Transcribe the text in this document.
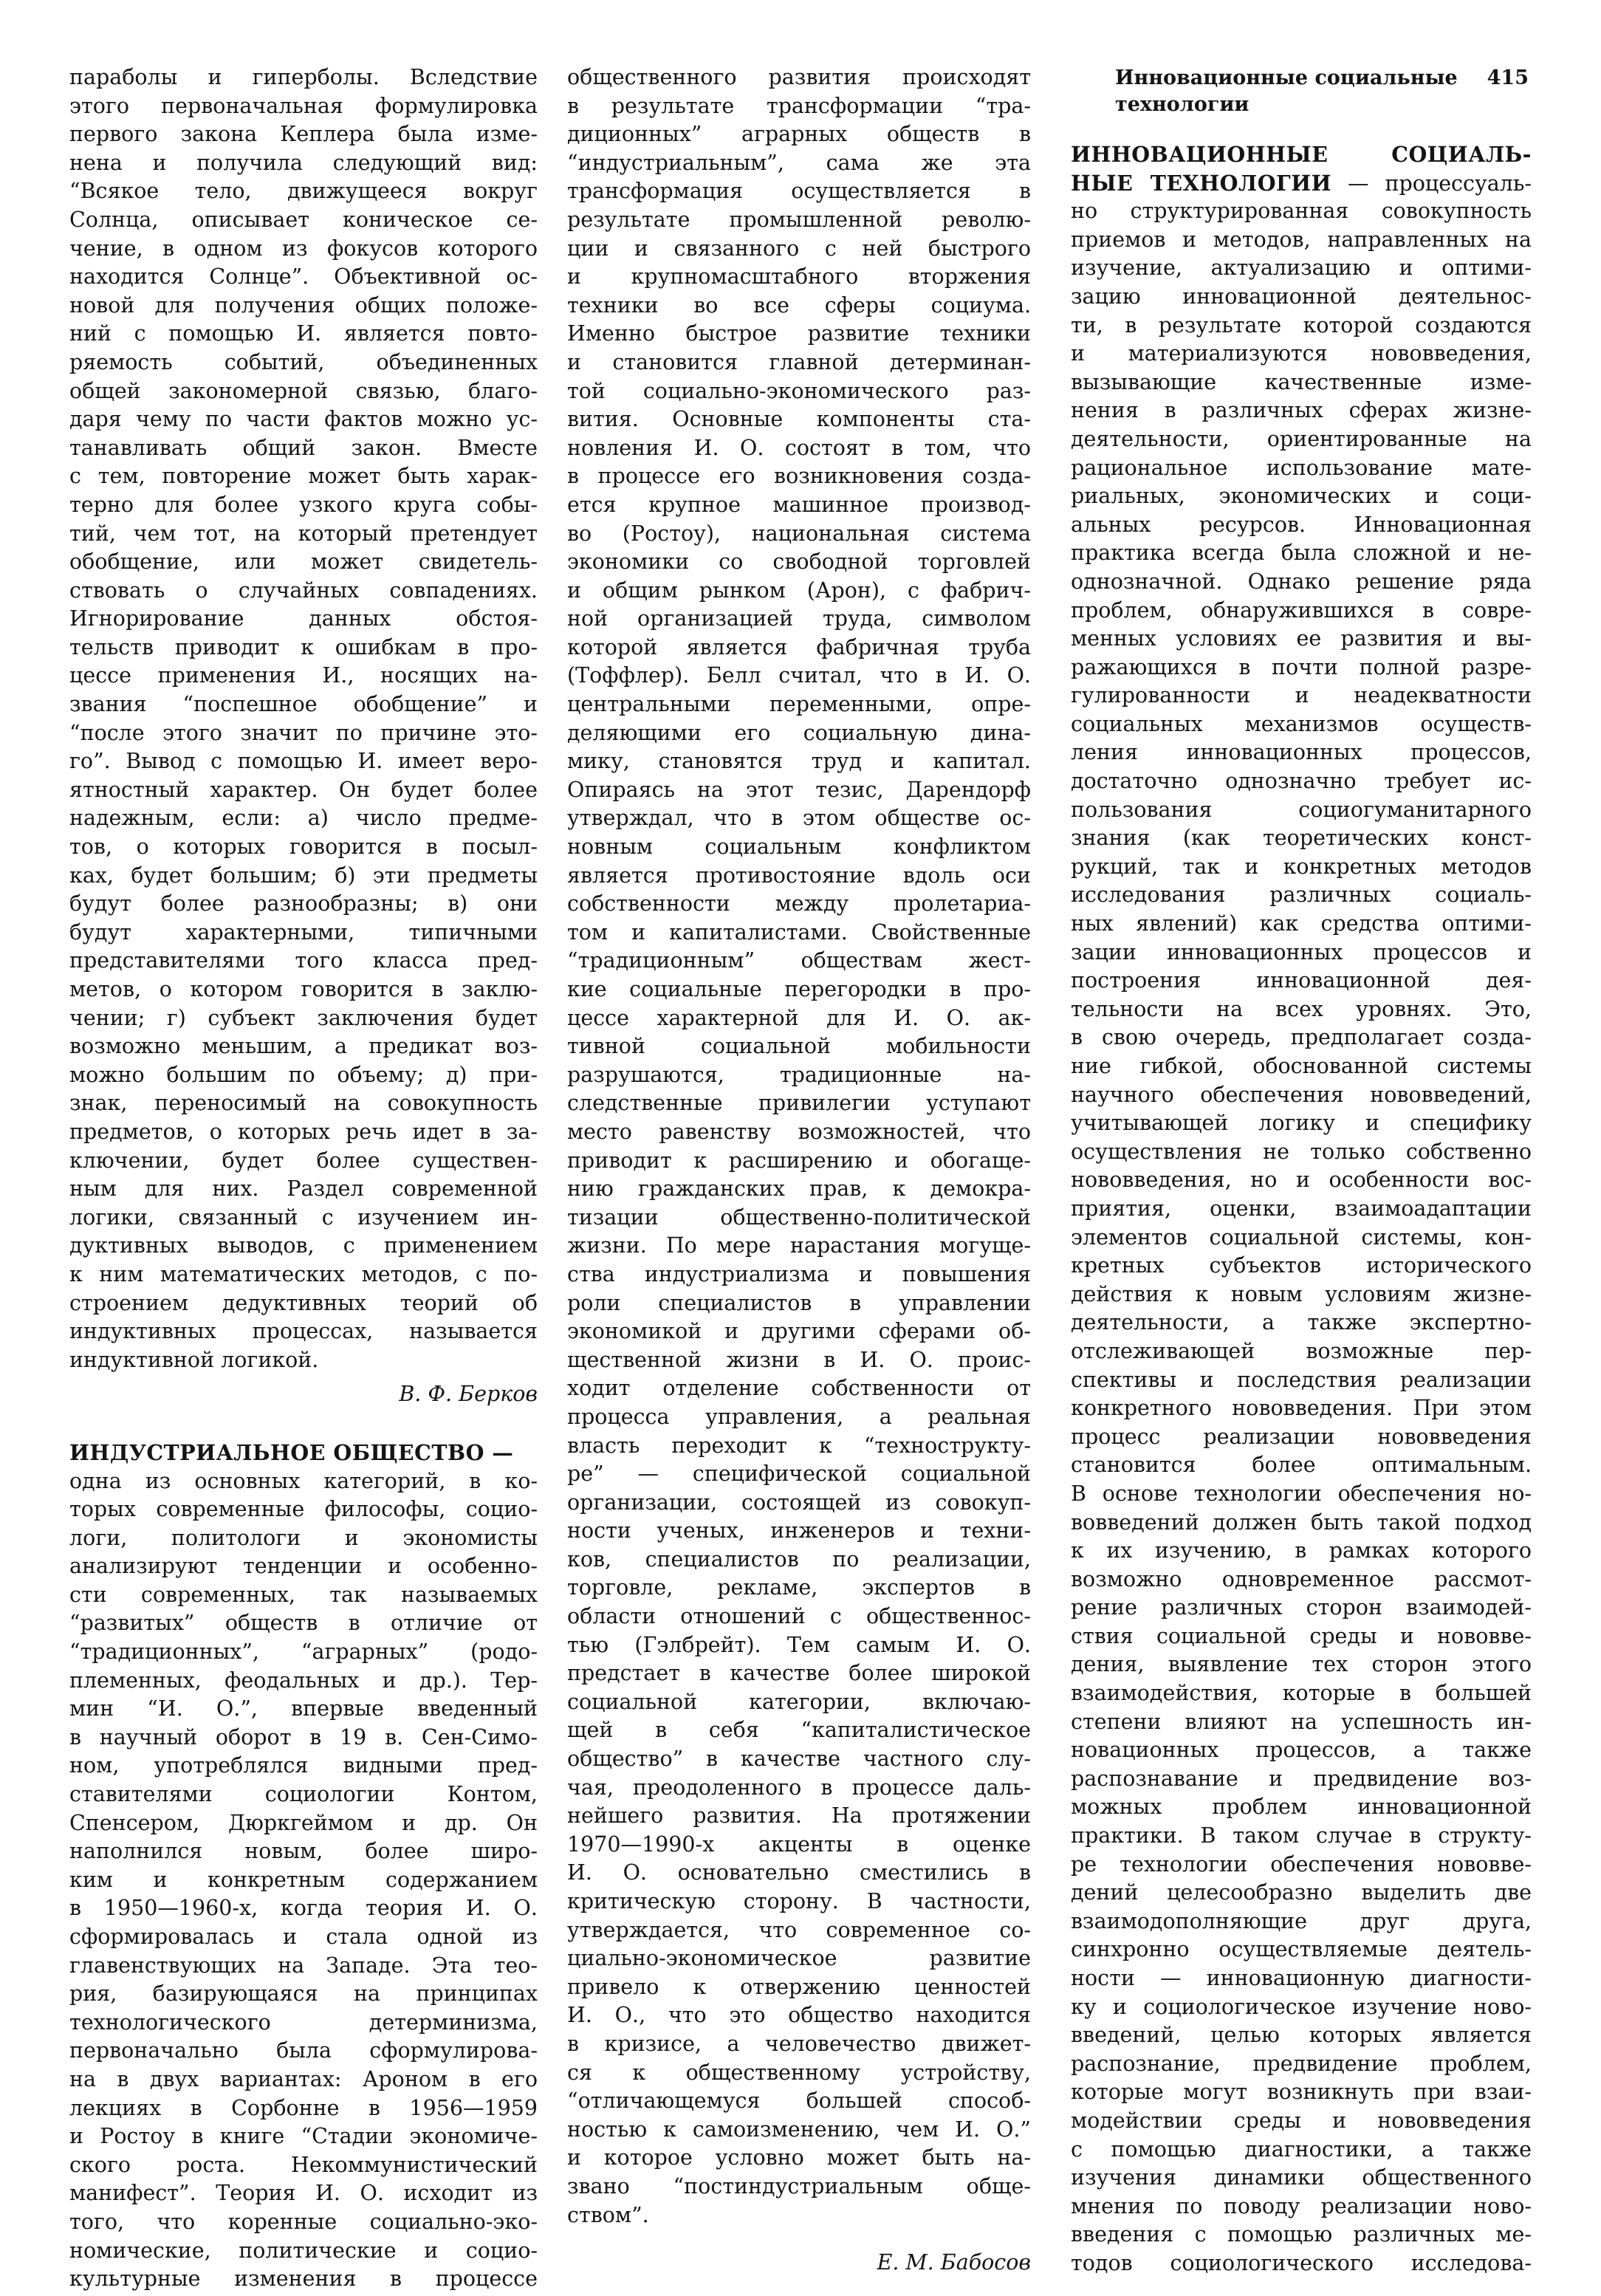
Инновационные социальные
технологии
415
параболы и гиперболы. Вследствие
этого первоначальная формулировка
первого закона Кеплера была изме-
нена и получила следующий вид:
“Всякое тело, движущееся вокруг
Солнца, описывает коническое се-
чение, в одном из фокусов которого
находится Солнце”. Объективной ос-
новой для получения общих положе-
ний с помощью И. является повто-
ряемость событий, объединенных
общей закономерной связью, благо-
даря чему по части фактов можно ус-
танавливать общий закон. Вместе
с тем, повторение может быть харак-
терно для более узкого круга собы-
тий, чем тот, на который претендует
обобщение, или может свидетель-
ствовать о случайных совпадениях.
Игнорирование данных обстоя-
тельств приводит к ошибкам в про-
цессе применения И., носящих на-
звания “поспешное обобщение” и
“после этого значит по причине это-
го”. Вывод с помощью И. имеет веро-
ятностный характер. Он будет более
надежным, если: а) число предме-
тов, о которых говорится в посыл-
ках, будет большим; б) эти предметы
будут более разнообразны; в) они
будут характерными, типичными
представителями того класса пред-
метов, о котором говорится в заклю-
чении; г) субъект заключения будет
возможно меньшим, а предикат воз-
можно большим по объему; д) при-
знак, переносимый на совокупность
предметов, о которых речь идет в за-
ключении, будет более существен-
ным для них. Раздел современной
логики, связанный с изучением ин-
дуктивных выводов, с применением
к ним математических методов, с по-
строением дедуктивных теорий об
индуктивных процессах, называется
индуктивной логикой.
В. Ф. Берков
ИНДУСТРИАЛЬНОЕ ОБЩЕСТВО —
одна из основных категорий, в ко-
торых современные философы, социо-
логи, политологи и экономисты
анализируют тенденции и особенно-
сти современных, так называемых
“развитых” обществ в отличие от
“традиционных”, “аграрных” (родо-
племенных, феодальных и др.). Тер-
мин “И. О.”, впервые введенный
в научный оборот в 19 в. Сен-Симо-
ном, употреблялся видными пред-
ставителями социологии Контом,
Спенсером, Дюркгеймом и др. Он
наполнился новым, более широ-
ким и конкретным содержанием
в 1950—1960-х, когда теория И. О.
сформировалась и стала одной из
главенствующих на Западе. Эта тео-
рия, базирующаяся на принципах
технологического детерминизма,
первоначально была сформулирова-
на в двух вариантах: Ароном в его
лекциях в Сорбонне в 1956—1959
и Ростоу в книге “Стадии экономиче-
ского роста. Некоммунистический
манифест”. Теория И. О. исходит из
того, что коренные социально-эко-
номические, политические и социо-
культурные изменения в процессе
общественного развития происходят
в результате трансформации “тра-
диционных” аграрных обществ в
“индустриальным”, сама же эта
трансформация осуществляется в
результате промышленной револю-
ции и связанного с ней быстрого
и крупномасштабного вторжения
техники во все сферы социума.
Именно быстрое развитие техники
и становится главной детерминан-
той социально-экономического раз-
вития. Основные компоненты ста-
новления И. О. состоят в том, что
в процессе его возникновения созда-
ется крупное машинное производ-
во (Ростоу), национальная система
экономики со свободной торговлей
и общим рынком (Арон), с фабрич-
ной организацией труда, символом
которой является фабричная труба
(Тоффлер). Белл считал, что в И. О.
центральными переменными, опре-
деляющими его социальную дина-
мику, становятся труд и капитал.
Опираясь на этот тезис, Дарендорф
утверждал, что в этом обществе ос-
новным социальным конфликтом
является противостояние вдоль оси
собственности между пролетариа-
том и капиталистами. Свойственные
“традиционным” обществам жест-
кие социальные перегородки в про-
цессе характерной для И. О. ак-
тивной социальной мобильности
разрушаются, традиционные на-
следственные привилегии уступают
место равенству возможностей, что
приводит к расширению и обогаще-
нию гражданских прав, к демокра-
тизации общественно-политической
жизни. По мере нарастания могуще-
ства индустриализма и повышения
роли специалистов в управлении
экономикой и другими сферами об-
щественной жизни в И. О. проис-
ходит отделение собственности от
процесса управления, а реальная
власть переходит к “технострукту-
ре” — специфической социальной
организации, состоящей из совокуп-
ности ученых, инженеров и техни-
ков, специалистов по реализации,
торговле, рекламе, экспертов в
области отношений с общественнос-
тью (Гэлбрейт). Тем самым И. О.
предстает в качестве более широкой
социальной категории, включаю-
щей в себя “капиталистическое
общество” в качестве частного слу-
чая, преодоленного в процессе даль-
нейшего развития. На протяжении
1970—1990-х акценты в оценке
И. О. основательно сместились в
критическую сторону. В частности,
утверждается, что современное со-
циально-экономическое развитие
привело к отвержению ценностей
И. О., что это общество находится
в кризисе, а человечество движет-
ся к общественному устройству,
“отличающемуся большей способ-
ностью к самоизменению, чем И. О.”
и которое условно может быть на-
звано “постиндустриальным обще-
ством”.
Е. М. Бабосов
ИННОВАЦИОННЫЕ СОЦИАЛЬ-
НЫЕ ТЕХНОЛОГИИ — процессуаль-
но структурированная совокупность
приемов и методов, направленных на
изучение, актуализацию и оптими-
зацию инновационной деятельнос-
ти, в результате которой создаются
и материализуются нововведения,
вызывающие качественные изме-
нения в различных сферах жизне-
деятельности, ориентированные на
рациональное использование мате-
риальных, экономических и соци-
альных ресурсов. Инновационная
практика всегда была сложной и не-
однозначной. Однако решение ряда
проблем, обнаружившихся в совре-
менных условиях ее развития и вы-
ражающихся в почти полной разре-
гулированности и неадекватности
социальных механизмов осуществ-
ления инновационных процессов,
достаточно однозначно требует ис-
пользования социогуманитарного
знания (как теоретических конст-
рукций, так и конкретных методов
исследования различных социаль-
ных явлений) как средства оптими-
зации инновационных процессов и
построения инновационной дея-
тельности на всех уровнях. Это,
в свою очередь, предполагает созда-
ние гибкой, обоснованной системы
научного обеспечения нововведений,
учитывающей логику и специфику
осуществления не только собственно
нововведения, но и особенности вос-
приятия, оценки, взаимоадаптации
элементов социальной системы, кон-
кретных субъектов исторического
действия к новым условиям жизне-
деятельности, а также экспертно-
отслеживающей возможные пер-
спективы и последствия реализации
конкретного нововведения. При этом
процесс реализации нововведения
становится более оптимальным.
В основе технологии обеспечения но-
вовведений должен быть такой подход
к их изучению, в рамках которого
возможно одновременное рассмот-
рение различных сторон взаимодей-
ствия социальной среды и нововве-
дения, выявление тех сторон этого
взаимодействия, которые в большей
степени влияют на успешность ин-
новационных процессов, а также
распознавание и предвидение воз-
можных проблем инновационной
практики. В таком случае в структу-
ре технологии обеспечения нововве-
дений целесообразно выделить две
взаимодополняющие друг друга,
синхронно осуществляемые деятель-
ности — инновационную диагности-
ку и социологическое изучение ново-
введений, целью которых является
распознание, предвидение проблем,
которые могут возникнуть при взаи-
модействии среды и нововведения
с помощью диагностики, а также
изучения динамики общественного
мнения по поводу реализации ново-
введения с помощью различных ме-
тодов социологического исследова-
